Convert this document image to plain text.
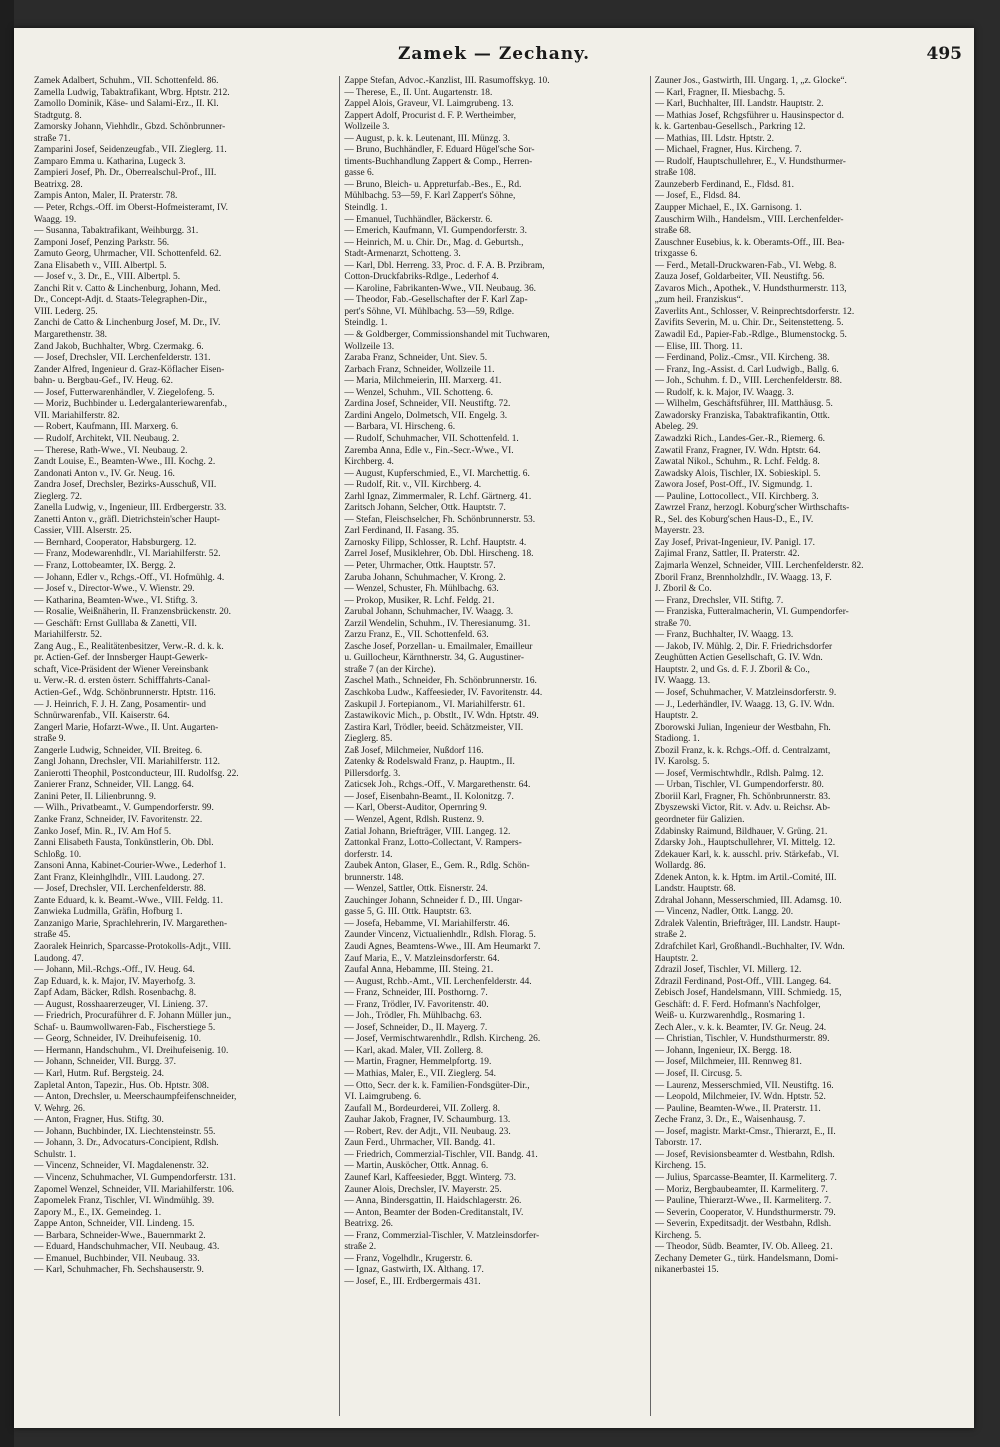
Zamek — Zechany.	495
Zamek Adalbert, Schuhm., VII. Schottenfeld. 86.
Zamella Ludwig, Tabaktrafikant, Wbrg. Hptstr. 212.
Zamollo Dominik, Käse- und Salami-Erz., II. Kl.
Stadtgutg. 8.
Zamorsky Johann, Viehhdlr., Gbzd. Schönbrunner-
straße 71.
Zamparini Josef, Seidenzeugfab., VII. Zieglerg. 11.
Zamparo Emma u. Katharina, Lugeck 3.
Zampieri Josef, Ph. Dr., Oberrealschul-Prof., III.
Beatrixg. 28.
Zampis Anton, Maler, II. Praterstr. 78.
— Peter, Rchgs.-Off. im Oberst-Hofmeisteramt, IV.
Waagg. 19.
— Susanna, Tabaktrafikant, Weihburgg. 31.
Zamponi Josef, Penzing Parkstr. 56.
Zamuto Georg, Uhrmacher, VII. Schottenfeld. 62.
Zana Elisabeth v., VIII. Albertpl. 5.
— Josef v., 3. Dr., E., VIII. Albertpl. 5.
Zanchi Rit v. Catto & Linchenburg, Johann, Med.
Dr., Concept-Adjt. d. Staats-Telegraphen-Dir.,
VIII. Lederg. 25.
Zanchi de Catto & Linchenburg Josef, M. Dr., IV.
Margarethenstr. 38.
Zand Jakob, Buchhalter, Wbrg. Czermakg. 6.
— Josef, Drechsler, VII. Lerchenfelderstr. 131.
Zander Alfred, Ingenieur d. Graz-Köflacher Eisen-
bahn- u. Bergbau-Gef., IV. Heug. 62.
— Josef, Futterwarenhändler, V. Ziegelofeng. 5.
— Moriz, Buchbinder u. Ledergalanteriewarenfab.,
VII. Mariahilferstr. 82.
— Robert, Kaufmann, III. Marxerg. 6.
— Rudolf, Architekt, VII. Neubaug. 2.
— Therese, Rath-Wwe., VI. Neubaug. 2.
Zandt Louise, E., Beamten-Wwe., III. Kochg. 2.
Zandonati Anton v., IV. Gr. Neug. 16.
Zandra Josef, Drechsler, Bezirks-Ausschuß, VII.
Zieglerg. 72.
Zanella Ludwig, v., Ingenieur, III. Erdbergerstr. 33.
Zanetti Anton v., gräfl. Dietrichstein'scher Haupt-
Cassier, VIII. Alserstr. 25.
— Bernhard, Cooperator, Habsburgerg. 12.
— Franz, Modewarenhdlr., VI. Mariahilferstr. 52.
— Franz, Lottobeamter, IX. Bergg. 2.
— Johann, Edler v., Rchgs.-Off., VI. Hofmühlg. 4.
— Josef v., Director-Wwe., V. Wienstr. 29.
— Katharina, Beamten-Wwe., VI. Stiftg. 3.
— Rosalie, Weißnäherin, II. Franzensbrückenstr. 20.
— Geschäft: Ernst Gulllaba & Zanetti, VII.
Mariahilferstr. 52.
Zang Aug., E., Realitätenbesitzer, Verw.-R. d. k. k.
pr. Actien-Gef. der Innsberger Haupt-Gewerk-
schaft, Vice-Präsident der Wiener Vereinsbank
u. Verw.-R. d. ersten österr. Schifffahrts-Canal-
Actien-Gef., Wdg. Schönbrunnerstr. Hptstr. 116.
— J. Heinrich, F. J. H. Zang, Posamentir- und
Schnürwarenfab., VII. Kaiserstr. 64.
Zangerl Marie, Hofarzt-Wwe., II. Unt. Augarten-
straße 9.
Zangerle Ludwig, Schneider, VII. Breiteg. 6.
Zangl Johann, Drechsler, VII. Mariahilferstr. 112.
Zanierotti Theophil, Postconducteur, III. Rudolfsg. 22.
Zanierer Franz, Schneider, VII. Langg. 64.
Zanini Peter, II. Lilienbrunng. 9.
— Wilh., Privatbeamt., V. Gumpendorferstr. 99.
Zanke Franz, Schneider, IV. Favoritenstr. 22.
Zanko Josef, Min. R., IV. Am Hof 5.
Zanni Elisabeth Fausta, Tonkünstlerin, Ob. Dbl.
Schloßg. 10.
Zansoni Anna, Kabinet-Courier-Wwe., Lederhof 1.
Zant Franz, Kleinhglhdlr., VIII. Laudong. 27.
— Josef, Drechsler, VII. Lerchenfelderstr. 88.
Zante Eduard, k. k. Beamt.-Wwe., VIII. Feldg. 11.
Zanwieka Ludmilla, Gräfin, Hofburg 1.
Zanzanigo Marie, Sprachlehrerin, IV. Margarethen-
straße 45.
Zaoralek Heinrich, Sparcasse-Protokolls-Adjt., VIII.
Laudong. 47.
— Johann, Mil.-Rchgs.-Off., IV. Heug. 64.
Zap Eduard, k. k. Major, IV. Mayerhofg. 3.
Zapf Adam, Bäcker, Rdlsh. Rosenbachg. 8.
— August, Rosshaarerzeuger, VI. Linieng. 37.
— Friedrich, Procuraführer d. F. Johann Müller jun.,
Schaf- u. Baumwollwaren-Fab., Fischerstiege 5.
— Georg, Schneider, IV. Dreihufeisenig. 10.
— Hermann, Handschuhm., VI. Dreihufeisenig. 10.
— Johann, Schneider, VII. Burgg. 37.
— Karl, Hutm. Ruf. Bergsteig. 24.
Zapletal Anton, Tapezir., Hus. Ob. Hptstr. 308.
— Anton, Drechsler, u. Meerschaumpfeifenschneider,
V. Wehrg. 26.
— Anton, Fragner, Hus. Stiftg. 30.
— Johann, Buchbinder, IX. Liechtensteinstr. 55.
— Johann, 3. Dr., Advocaturs-Concipient, Rdlsh.
Schulstr. 1.
— Vincenz, Schneider, VI. Magdalenenstr. 32.
— Vincenz, Schuhmacher, VI. Gumpendorferstr. 131.
Zapomel Wenzel, Schneider, VII. Mariahilferstr. 106.
Zapomelek Franz, Tischler, VI. Windmühlg. 39.
Zapory M., E., IX. Gemeindeg. 1.
Zappe Anton, Schneider, VII. Lindeng. 15.
— Barbara, Schneider-Wwe., Bauernmarkt 2.
— Eduard, Handschuhmacher, VII. Neubaug. 43.
— Emanuel, Buchbinder, VII. Neubaug. 33.
— Karl, Schuhmacher, Fh. Sechshauserstr. 9.
Zappe Stefan, Advoc.-Kanzlist, III. Rasumoffskyg. 10.
— Therese, E., II. Unt. Augartenstr. 18.
Zappel Alois, Graveur, VI. Laimgrubeng. 13.
Zappert Adolf, Procurist d. F. P. Wertheimber,
Wollzeile 3.
— August, p. k. k. Leutenant, III. Münzg. 3.
— Bruno, Buchhändler, F. Eduard Hügel'sche Sor-
timents-Buchhandlung Zappert & Comp., Herren-
gasse 6.
— Bruno, Bleich- u. Appreturfab.-Bes., E., Rd.
Mühlbachg. 53—59, F. Karl Zappert's Söhne,
Steindlg. 1.
— Emanuel, Tuchhändler, Bäckerstr. 6.
— Emerich, Kaufmann, VI. Gumpendorferstr. 3.
— Heinrich, M. u. Chir. Dr., Mag. d. Geburtsh.,
Stadt-Armenarzt, Schotteng. 3.
— Karl, Dbl. Herreng. 33, Proc. d. F. A. B. Przibram,
Cotton-Druckfabriks-Rdlge., Lederhof 4.
— Karoline, Fabrikanten-Wwe., VII. Neubaug. 36.
— Theodor, Fab.-Gesellschafter der F. Karl Zap-
pert's Söhne, VI. Mühlbachg. 53—59, Rdlge.
Steindlg. 1.
— & Goldberger, Commissionshandel mit Tuchwaren,
Wollzeile 13.
Zaraba Franz, Schneider, Unt. Siev. 5.
Zarbach Franz, Schneider, Wollzeile 11.
— Maria, Milchmeierin, III. Marxerg. 41.
— Wenzel, Schuhm., VII. Schotteng. 6.
Zardina Josef, Schneider, VII. Neustiftg. 72.
Zardini Angelo, Dolmetsch, VII. Engelg. 3.
— Barbara, VI. Hirscheng. 6.
— Rudolf, Schuhmacher, VII. Schottenfeld. 1.
Zaremba Anna, Edle v., Fin.-Secr.-Wwe., VI.
Kirchberg. 4.
— August, Kupferschmied, E., VI. Marchettig. 6.
— Rudolf, Rit. v., VII. Kirchberg. 4.
Zarhl Ignaz, Zimmermaler, R. Lchf. Gärtnerg. 41.
Zaritsch Johann, Selcher, Ottk. Hauptstr. 7.
— Stefan, Fleischselcher, Fh. Schönbrunnerstr. 53.
Zarl Ferdinand, II. Fasang. 35.
Zarnosky Filipp, Schlosser, R. Lchf. Hauptstr. 4.
Zarrel Josef, Musiklehrer, Ob. Dbl. Hirscheng. 18.
— Peter, Uhrmacher, Ottk. Hauptstr. 57.
Zaruba Johann, Schuhmacher, V. Krong. 2.
— Wenzel, Schuster, Fh. Mühlbachg. 63.
— Prokop, Musiker, R. Lchf. Feldg. 21.
Zarubal Johann, Schuhmacher, IV. Waagg. 3.
Zarzil Wendelin, Schuhm., IV. Theresianumg. 31.
Zarzu Franz, E., VII. Schottenfeld. 63.
Zasche Josef, Porzellan- u. Emailmaler, Emailleur
u. Guillocheur, Kärnthnerstr. 34, G. Augustiner-
straße 7 (an der Kirche).
Zaschel Math., Schneider, Fh. Schönbrunnerstr. 16.
Zaschkoba Ludw., Kaffeesieder, IV. Favoritenstr. 44.
Zaskupil J. Fortepianom., VI. Mariahilferstr. 61.
Zastawikovic Mich., p. Obstlt., IV. Wdn. Hptstr. 49.
Zastira Karl, Trödler, beeid. Schätzmeister, VII.
Zieglerg. 85.
Zaß Josef, Milchmeier, Nußdorf 116.
Zatenky & Rodelswald Franz, p. Hauptm., II.
Pillersdorfg. 3.
Zaticsek Joh., Rchgs.-Off., V. Margarethenstr. 64.
— Josef, Eisenbahn-Beamt., II. Kolonitzg. 7.
— Karl, Oberst-Auditor, Opernring 9.
— Wenzel, Agent, Rdlsh. Rustenz. 9.
Zatial Johann, Briefträger, VIII. Langeg. 12.
Zattonkal Franz, Lotto-Collectant, V. Rampers-
dorferstr. 14.
Zaubek Anton, Glaser, E., Gem. R., Rdlg. Schön-
brunnerstr. 148.
— Wenzel, Sattler, Ottk. Eisnerstr. 24.
Zauchinger Johann, Schneider f. D., III. Ungar-
gasse 5, G. III. Ottk. Hauptstr. 63.
— Josefa, Hebamme, VI. Mariahilferstr. 46.
Zaunder Vincenz, Victualienhdlr., Rdlsh. Florag. 5.
Zaudi Agnes, Beamtens-Wwe., III. Am Heumarkt 7.
Zauf Maria, E., V. Matzleinsdorferstr. 64.
Zaufal Anna, Hebamme, III. Steing. 21.
— August, Rchb.-Amt., VII. Lerchenfelderstr. 44.
— Franz, Schneider, III. Posthorng. 7.
— Franz, Trödler, IV. Favoritenstr. 40.
— Joh., Trödler, Fh. Mühlbachg. 63.
— Josef, Schneider, D., II. Mayerg. 7.
— Josef, Vermischtwarenhdlr., Rdlsh. Kircheng. 26.
— Karl, akad. Maler, VII. Zollerg. 8.
— Martin, Fragner, Hemmelpfortg. 19.
— Mathias, Maler, E., VII. Zieglerg. 54.
— Otto, Secr. der k. k. Familien-Fondsgüter-Dir.,
VI. Laimgrubeng. 6.
Zaufall M., Bordeurderei, VII. Zollerg. 8.
Zauhar Jakob, Fragner, IV. Schaumburg. 13.
— Robert, Rev. der Adjt., VII. Neubaug. 23.
Zaun Ferd., Uhrmacher, VII. Bandg. 41.
— Friedrich, Commerzial-Tischler, VII. Bandg. 41.
— Martin, Ausköcher, Ottk. Annag. 6.
Zaunef Karl, Kaffeesieder, Bggt. Winterg. 73.
Zauner Alois, Drechsler, IV. Mayerstr. 25.
— Anna, Bindersgattin, II. Haidschlagerstr. 26.
— Anton, Beamter der Boden-Creditanstalt, IV.
Beatrixg. 26.
— Franz, Commerzial-Tischler, V. Matzleinsdorfer-
straße 2.
— Franz, Vogelhdlr., Krugerstr. 6.
— Ignaz, Gastwirth, IX. Althang. 17.
— Josef, E., III. Erdbergermais 431.
Zauner Jos., Gastwirth, III. Ungarg. 1, „z. Glocke“.
— Karl, Fragner, II. Miesbachg. 5.
— Karl, Buchhalter, III. Landstr. Hauptstr. 2.
— Mathias Josef, Rchgsführer u. Hausinspector d.
k. k. Gartenbau-Gesellsch., Parkring 12.
— Mathias, III. Ldstr. Hptstr. 2.
— Michael, Fragner, Hus. Kircheng. 7.
— Rudolf, Hauptschullehrer, E., V. Hundsthurmer-
straße 108.
Zaunzeberb Ferdinand, E., Fldsd. 81.
— Josef, E., Fldsd. 84.
Zaupper Michael, E., IX. Garnisong. 1.
Zauschirm Wilh., Handelsm., VIII. Lerchenfelder-
straße 68.
Zauschner Eusebius, k. k. Oberamts-Off., III. Bea-
trixgasse 6.
— Ferd., Metall-Druckwaren-Fab., VI. Webg. 8.
Zauza Josef, Goldarbeiter, VII. Neustiftg. 56.
Zavaros Mich., Apothek., V. Hundsthurmerstr. 113,
„zum heil. Franziskus“.
Zaverlits Ant., Schlosser, V. Reinprechtsdorferstr. 12.
Zavifits Severin, M. u. Chir. Dr., Seitenstetteng. 5.
Zawadil Ed., Papier-Fab.-Rdlge., Blumenstockg. 5.
— Elise, III. Thorg. 11.
— Ferdinand, Poliz.-Cmsr., VII. Kircheng. 38.
— Franz, Ing.-Assist. d. Carl Ludwigb., Ballg. 6.
— Joh., Schuhm. f. D., VIII. Lerchenfelderstr. 88.
— Rudolf, k. k. Major, IV. Waagg. 3.
— Wilhelm, Geschäftsführer, III. Matthäusg. 5.
Zawadorsky Franziska, Tabaktrafikantin, Ottk.
Abeleg. 29.
Zawadzki Rich., Landes-Ger.-R., Riemerg. 6.
Zawatil Franz, Fragner, IV. Wdn. Hptstr. 64.
Zawatal Nikol., Schuhm., R. Lchf. Feldg. 8.
Zawadsky Alois, Tischler, IX. Sobieskipl. 5.
Zawora Josef, Post-Off., IV. Sigmundg. 1.
— Pauline, Lottocollect., VII. Kirchberg. 3.
Zawrzel Franz, herzogl. Koburg'scher Wirthschafts-
R., Sel. des Koburg'schen Haus-D., E., IV.
Mayerstr. 23.
Zay Josef, Privat-Ingenieur, IV. Panigl. 17.
Zajimal Franz, Sattler, II. Praterstr. 42.
Zajmarla Wenzel, Schneider, VIII. Lerchenfelderstr. 82.
Zboril Franz, Brennholzhdlr., IV. Waagg. 13, F.
J. Zboril & Co.
— Franz, Drechsler, VII. Stiftg. 7.
— Franziska, Futteralmacherin, VI. Gumpendorfer-
straße 70.
— Franz, Buchhalter, IV. Waagg. 13.
— Jakob, IV. Mühlg. 2, Dir. F. Friedrichsdorfer
Zeughütten Actien Gesellschaft, G. IV. Wdn.
Hauptstr. 2, und Gs. d. F. J. Zboril & Co.,
IV. Waagg. 13.
— Josef, Schuhmacher, V. Matzleinsdorferstr. 9.
— J., Lederhändler, IV. Waagg. 13, G. IV. Wdn.
Hauptstr. 2.
Zborowski Julian, Ingenieur der Westbahn, Fh.
Stadiong. 1.
Zbozil Franz, k. k. Rchgs.-Off. d. Centralzamt,
IV. Karolsg. 5.
— Josef, Vermischtwhdlr., Rdlsh. Palmg. 12.
— Urban, Tischler, VI. Gumpendorferstr. 80.
Zboriil Karl, Fragner, Fh. Schönbrunnerstr. 83.
Zbyszewski Victor, Rit. v. Adv. u. Reichsr. Ab-
geordneter für Galizien.
Zdabinsky Raimund, Bildhauer, V. Grüng. 21.
Zdarsky Joh., Hauptschullehrer, VI. Mittelg. 12.
Zdekauer Karl, k. k. ausschl. priv. Stärkefab., VI.
Wollardg. 86.
Zdenek Anton, k. k. Hptm. im Artil.-Comité, III.
Landstr. Hauptstr. 68.
Zdrahal Johann, Messerschmied, III. Adamsg. 10.
— Vincenz, Nadler, Ottk. Langg. 20.
Zdralek Valentin, Briefträger, III. Landstr. Haupt-
straße 2.
Zdrafchilet Karl, Großhandl.-Buchhalter, IV. Wdn.
Hauptstr. 2.
Zdrazil Josef, Tischler, VI. Millerg. 12.
Zdrazil Ferdinand, Post-Off., VIII. Langeg. 64.
Zebisch Josef, Handelsmann, VIII. Schmiedg. 15,
Geschäft: d. F. Ferd. Hofmann's Nachfolger,
Weiß- u. Kurzwarenhdlg., Rosmaring 1.
Zech Aler., v. k. k. Beamter, IV. Gr. Neug. 24.
— Christian, Tischler, V. Hundsthurmerstr. 89.
— Johann, Ingenieur, IX. Bergg. 18.
— Josef, Milchmeier, III. Rennweg 81.
— Josef, II. Circusg. 5.
— Laurenz, Messerschmied, VII. Neustiftg. 16.
— Leopold, Milchmeier, IV. Wdn. Hptstr. 52.
— Pauline, Beamten-Wwe., II. Praterstr. 11.
Zeche Franz, 3. Dr., E., Waisenhausg. 7.
— Josef, magistr. Markt-Cmsr., Thierarzt, E., II.
Taborstr. 17.
— Josef, Revisionsbeamter d. Westbahn, Rdlsh.
Kircheng. 15.
— Julius, Sparcasse-Beamter, II. Karmeliterg. 7.
— Moriz, Bergbaubeamter, II. Karmeliterg. 7.
— Pauline, Thierarzt-Wwe., II. Karmeliterg. 7.
— Severin, Cooperator, V. Hundsthurmerstr. 79.
— Severin, Expeditsadjt. der Westbahn, Rdlsh.
Kircheng. 5.
— Theodor, Südb. Beamter, IV. Ob. Alleeg. 21.
Zechany Demeter G., türk. Handelsmann, Domi-
nikanerbastei 15.
